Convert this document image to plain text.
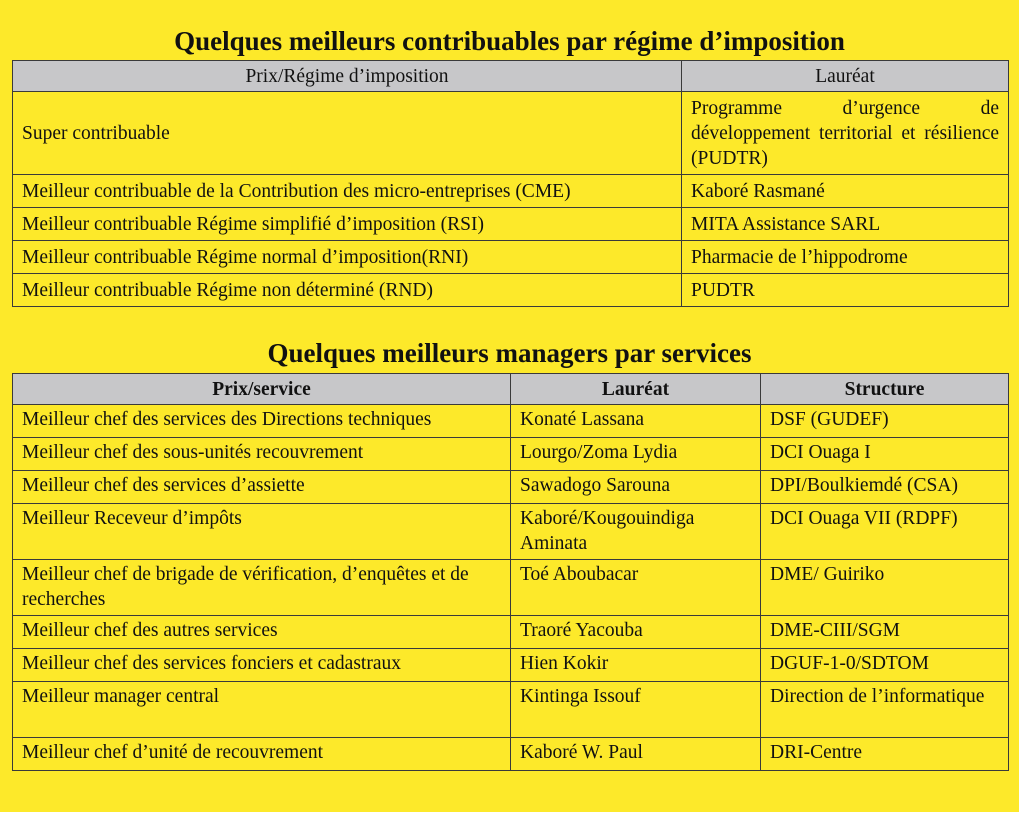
Quelques meilleurs contribuables par régime d’imposition
Prix/Régime d’imposition	Lauréat
Super contribuable	Programme d’urgence de développement territorial et résilience (PUDTR)
Meilleur contribuable de la Contribution des micro-entreprises (CME)	Kaboré Rasmané
Meilleur contribuable Régime simplifié d’imposition (RSI)	MITA Assistance SARL
Meilleur contribuable Régime normal d’imposition(RNI)	Pharmacie de l’hippodrome
Meilleur contribuable Régime non déterminé (RND)	PUDTR
Quelques meilleurs managers par services
Prix/service	Lauréat	Structure
Meilleur chef des services des Directions techniques	Konaté Lassana	DSF (GUDEF)
Meilleur chef des sous-unités recouvrement	Lourgo/Zoma Lydia	DCI Ouaga I
Meilleur chef des services d’assiette	Sawadogo Sarouna	DPI/Boulkiemdé (CSA)
Meilleur Receveur d’impôts	Kaboré/Kougouindiga Aminata	DCI Ouaga VII (RDPF)
Meilleur chef de brigade de vérification, d’enquêtes et de recherches	Toé Aboubacar	DME/ Guiriko
Meilleur chef des autres services	Traoré Yacouba	DME-CIII/SGM
Meilleur chef des services fonciers et cadastraux	Hien Kokir	DGUF-1-0/SDTOM
Meilleur manager central	Kintinga Issouf	Direction de l’informatique
Meilleur chef d’unité de recouvrement	Kaboré W. Paul	DRI-Centre
